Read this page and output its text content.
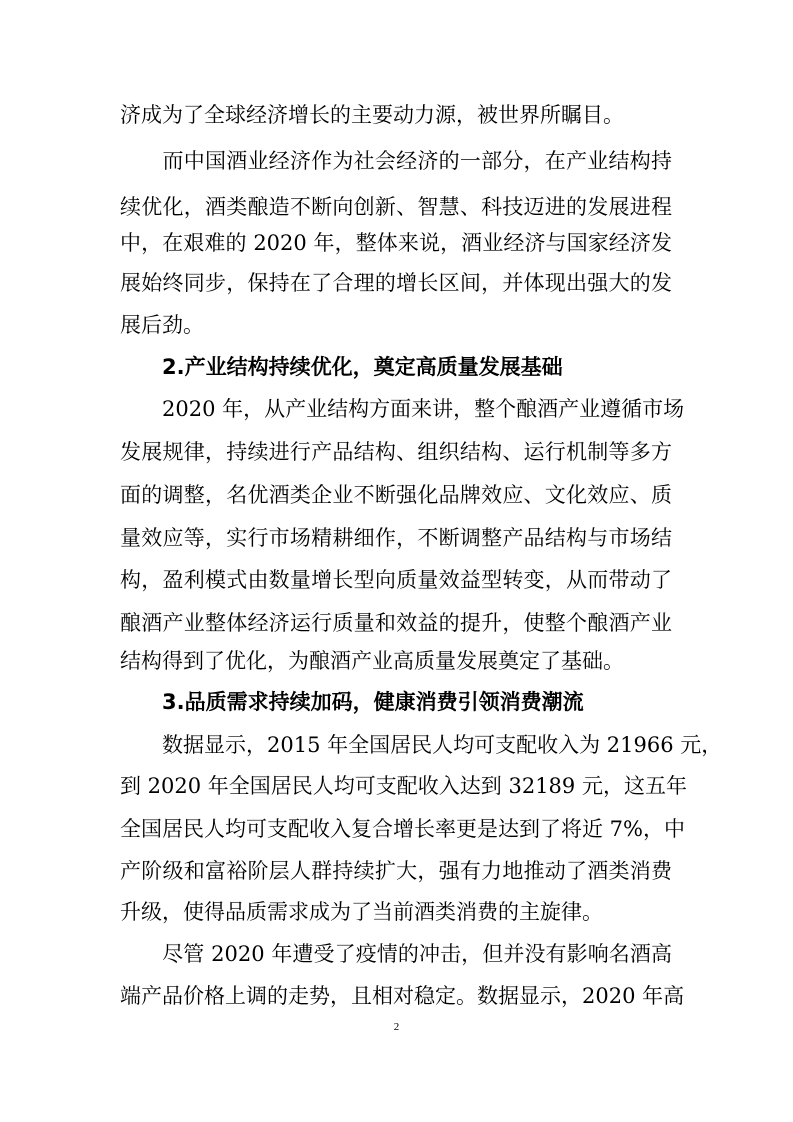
济成为了全球经济增长的主要动力源，被世界所瞩目。

　　而中国酒业经济作为社会经济的一部分，在产业结构持

续优化，酒类酿造不断向创新、智慧、科技迈进的发展进程

中，在艰难的 2020 年，整体来说，酒业经济与国家经济发

展始终同步，保持在了合理的增长区间，并体现出强大的发

展后劲。

　　2.产业结构持续优化，奠定高质量发展基础

　　2020 年，从产业结构方面来讲，整个酿酒产业遵循市场

发展规律，持续进行产品结构、组织结构、运行机制等多方

面的调整，名优酒类企业不断强化品牌效应、文化效应、质

量效应等，实行市场精耕细作，不断调整产品结构与市场结

构，盈利模式由数量增长型向质量效益型转变，从而带动了

酿酒产业整体经济运行质量和效益的提升，使整个酿酒产业

结构得到了优化，为酿酒产业高质量发展奠定了基础。

　　3.品质需求持续加码，健康消费引领消费潮流

　　数据显示，2015 年全国居民人均可支配收入为 21966 元，

到 2020 年全国居民人均可支配收入达到 32189 元，这五年

全国居民人均可支配收入复合增长率更是达到了将近 7%，中

产阶级和富裕阶层人群持续扩大，强有力地推动了酒类消费

升级，使得品质需求成为了当前酒类消费的主旋律。

　　尽管 2020 年遭受了疫情的冲击，但并没有影响名酒高

端产品价格上调的走势，且相对稳定。数据显示，2020 年高

2
